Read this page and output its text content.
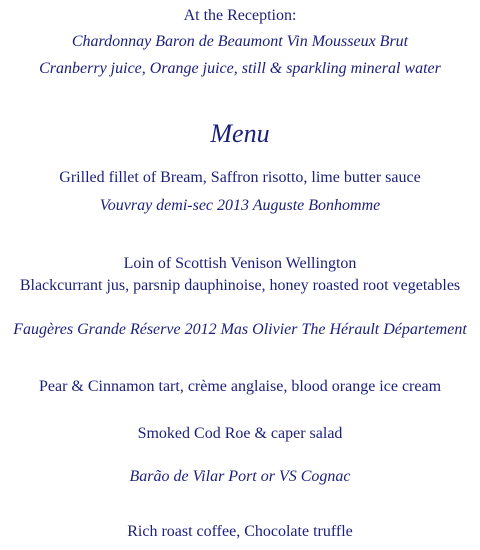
At the Reception:
Chardonnay Baron de Beaumont Vin Mousseux Brut
Cranberry juice, Orange juice, still & sparkling mineral water
Menu
Grilled fillet of Bream, Saffron risotto, lime butter sauce
Vouvray demi-sec 2013 Auguste Bonhomme
Loin of Scottish Venison Wellington
Blackcurrant jus, parsnip dauphinoise, honey roasted root vegetables
Faugères Grande Réserve 2012 Mas Olivier The Hérault Département
Pear & Cinnamon tart, crème anglaise, blood orange ice cream
Smoked Cod Roe & caper salad
Barão de Vilar Port or VS Cognac
Rich roast coffee, Chocolate truffle
